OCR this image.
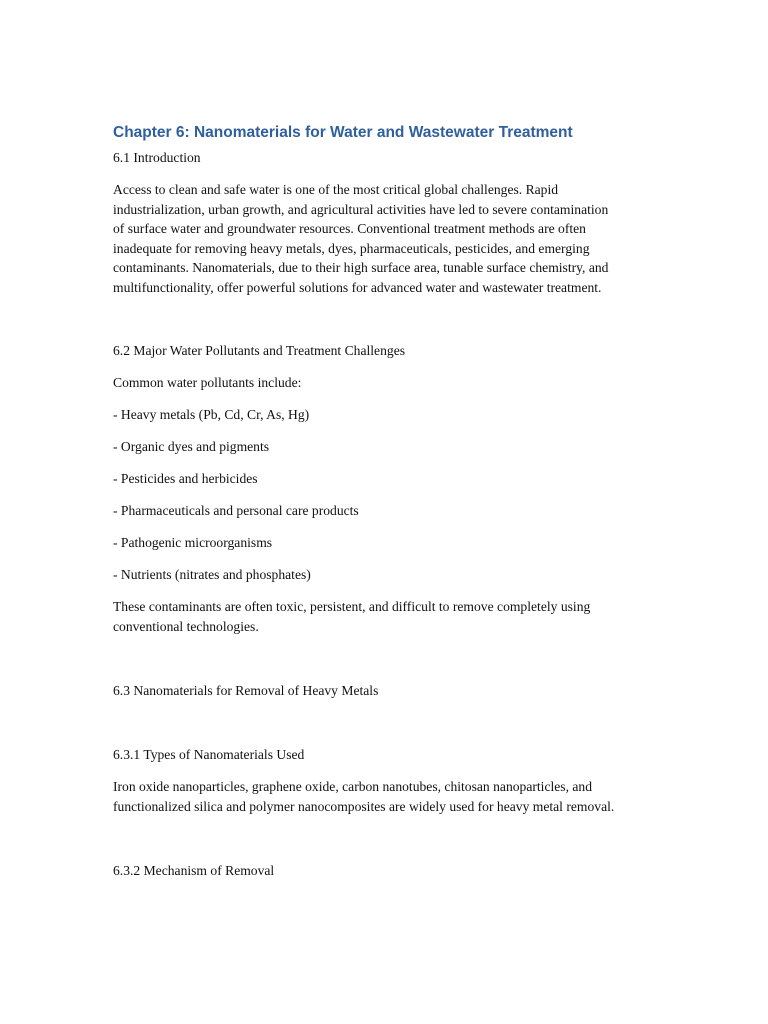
Chapter 6: Nanomaterials for Water and Wastewater Treatment
6.1 Introduction
Access to clean and safe water is one of the most critical global challenges. Rapid
industrialization, urban growth, and agricultural activities have led to severe contamination
of surface water and groundwater resources. Conventional treatment methods are often
inadequate for removing heavy metals, dyes, pharmaceuticals, pesticides, and emerging
contaminants. Nanomaterials, due to their high surface area, tunable surface chemistry, and
multifunctionality, offer powerful solutions for advanced water and wastewater treatment.
6.2 Major Water Pollutants and Treatment Challenges
Common water pollutants include:
- Heavy metals (Pb, Cd, Cr, As, Hg)
- Organic dyes and pigments
- Pesticides and herbicides
- Pharmaceuticals and personal care products
- Pathogenic microorganisms
- Nutrients (nitrates and phosphates)
These contaminants are often toxic, persistent, and difficult to remove completely using
conventional technologies.
6.3 Nanomaterials for Removal of Heavy Metals
6.3.1 Types of Nanomaterials Used
Iron oxide nanoparticles, graphene oxide, carbon nanotubes, chitosan nanoparticles, and
functionalized silica and polymer nanocomposites are widely used for heavy metal removal.
6.3.2 Mechanism of Removal
